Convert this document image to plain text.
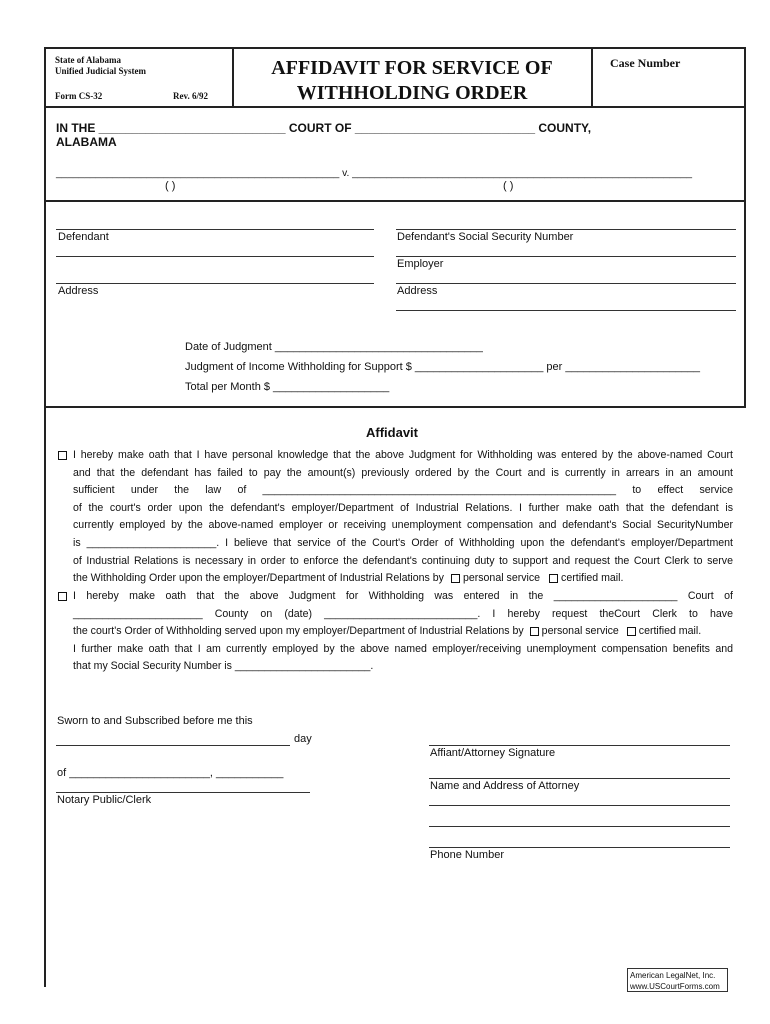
State of Alabama
Unified Judicial System
Form CS-32	Rev. 6/92
AFFIDAVIT FOR SERVICE OF
WITHHOLDING ORDER
Case Number
IN THE ____________________________ COURT OF ___________________________ COUNTY,
ALABAMA
__________________________________________________ v. ____________________________________________________________
( )	( )
Defendant
Address
Defendant's Social Security Number
Employer
Address
Date of Judgment __________________________________
Judgment of Income Withholding for Support $ _____________________ per ______________________
Total per Month $ ___________________
Affidavit
I hereby make oath that I have personal knowledge that the above Judgment for Withholding was entered by the above-named Court
and that the defendant has failed to pay the amount(s) previously ordered by the Court and is currently in arrears in an amount
sufficient under the law of ____________________________________________________________ to effect service
of the court's order upon the defendant's employer/Department of Industrial Relations. I further make oath that the defendant is
currently employed by the above-named employer or receiving unemployment compensation and defendant's Social SecurityNumber
is ______________________. I believe that service of the Court's Order of Withholding upon the defendant's employer/Department
of Industrial Relations is necessary in order to enforce the defendant's continuing duty to support and request the Court Clerk to serve
the Withholding Order upon the employer/Department of Industrial Relations by personal service certified mail.
I hereby make oath that the above Judgment for Withholding was entered in the _____________________ Court of
______________________ County on (date) __________________________. I hereby request theCourt Clerk to have
the court's Order of Withholding served upon my employer/Department of Industrial Relations by personal service certified mail.
I further make oath that I am currently employed by the above named employer/receiving unemployment compensation benefits and
that my Social Security Number is _______________________.
Sworn to and Subscribed before me this
day
of _______________________, ___________
Notary Public/Clerk
Affiant/Attorney Signature
Name and Address of Attorney
Phone Number
American LegalNet, Inc.
www.USCourtForms.com
